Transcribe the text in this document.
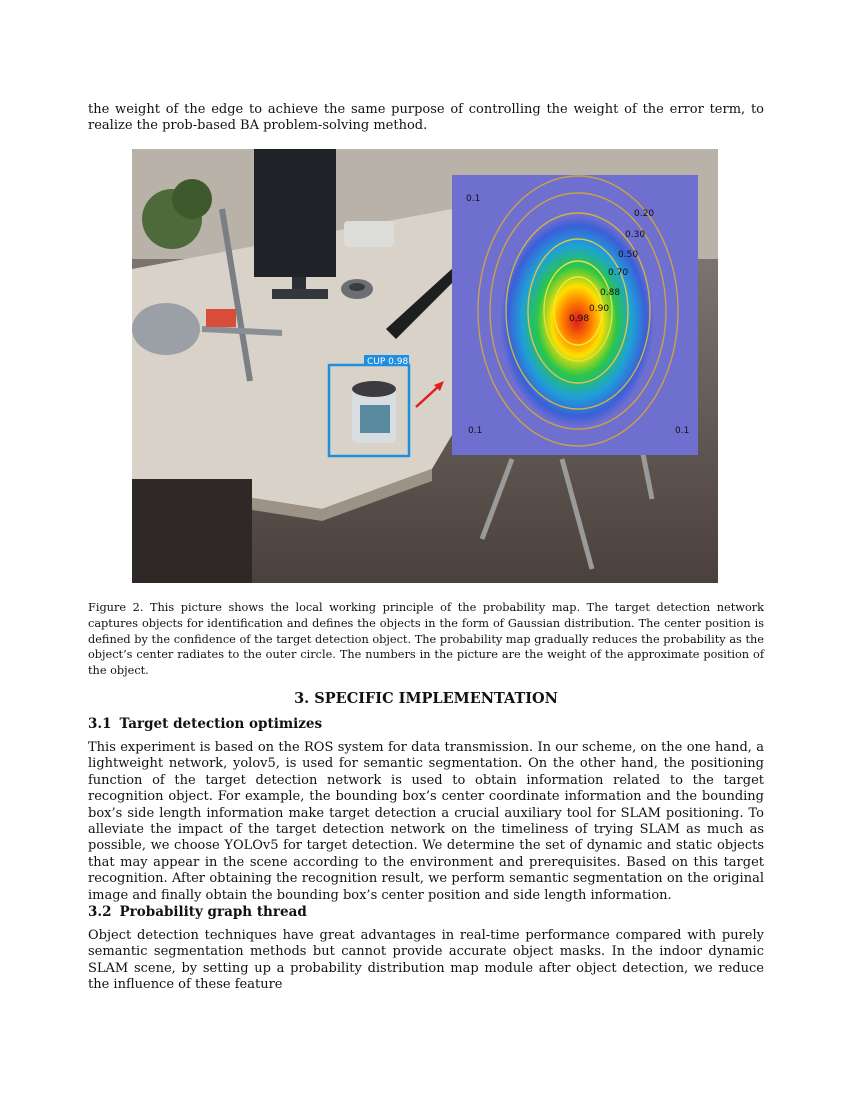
the weight of the edge to achieve the same purpose of controlling the weight of the error term, to realize the prob-based BA problem-solving method.

CUP 0.98
0.98
0.90
0.88
0.70
0.50
0.30
0.20
0.1
0.1	0.1

Figure 2. This picture shows the local working principle of the probability map. The target detection network captures objects for identification and defines the objects in the form of Gaussian distribution. The center position is defined by the confidence of the target detection object. The probability map gradually reduces the probability as the object’s center radiates to the outer circle. The numbers in the picture are the weight of the approximate position of the object.

3. SPECIFIC IMPLEMENTATION
3.1 Target detection optimizes

This experiment is based on the ROS system for data transmission. In our scheme, on the one hand, a lightweight network, yolov5, is used for semantic segmentation. On the other hand, the positioning function of the target detection network is used to obtain information related to the target recognition object. For example, the bounding box’s center coordinate information and the bounding box’s side length information make target detection a crucial auxiliary tool for SLAM positioning. To alleviate the impact of the target detection network on the timeliness of trying SLAM as much as possible, we choose YOLOv5 for target detection. We determine the set of dynamic and static objects that may appear in the scene according to the environment and prerequisites. Based on this target recognition. After obtaining the recognition result, we perform semantic segmentation on the original image and finally obtain the bounding box’s center position and side length information.

3.2 Probability graph thread

Object detection techniques have great advantages in real-time performance compared with purely semantic segmentation methods but cannot provide accurate object masks. In the indoor dynamic SLAM scene, by setting up a probability distribution map module after object detection, we reduce the influence of these feature
